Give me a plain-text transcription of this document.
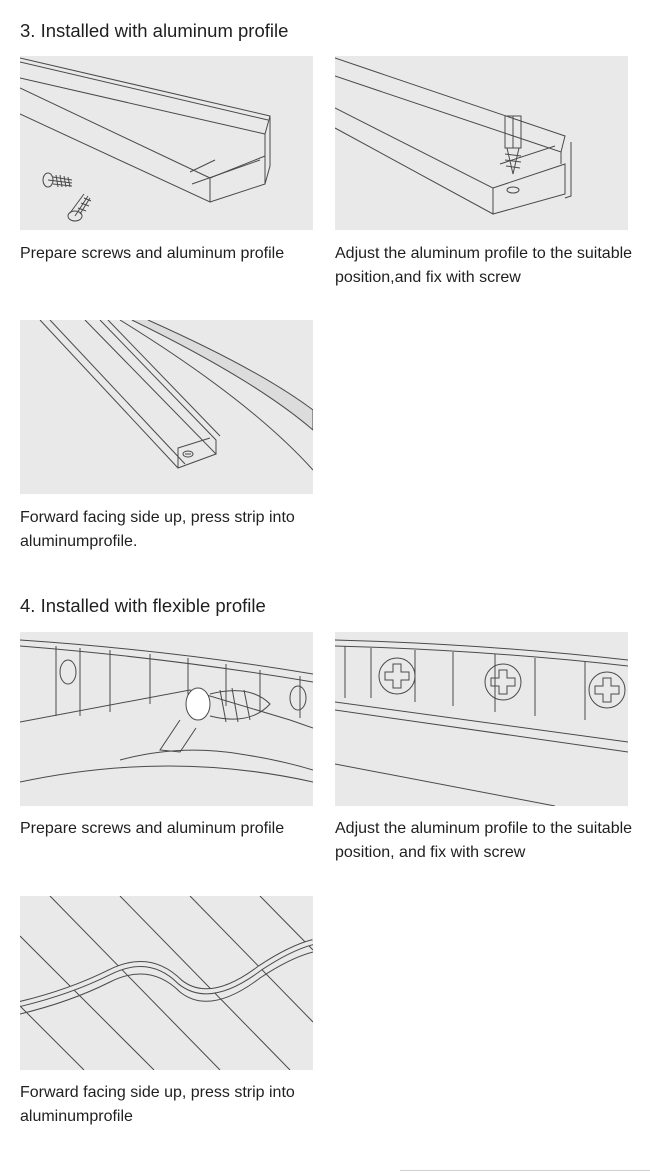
3. Installed with aluminum profile

Prepare screws and aluminum profile	Adjust the aluminum profile to the suitable position,and fix with screw

Forward facing side up, press strip into aluminumprofile.

4. Installed with flexible profile

Prepare screws and aluminum profile	Adjust the aluminum profile to the suitable position, and fix with screw

Forward facing side up, press strip into aluminumprofile
